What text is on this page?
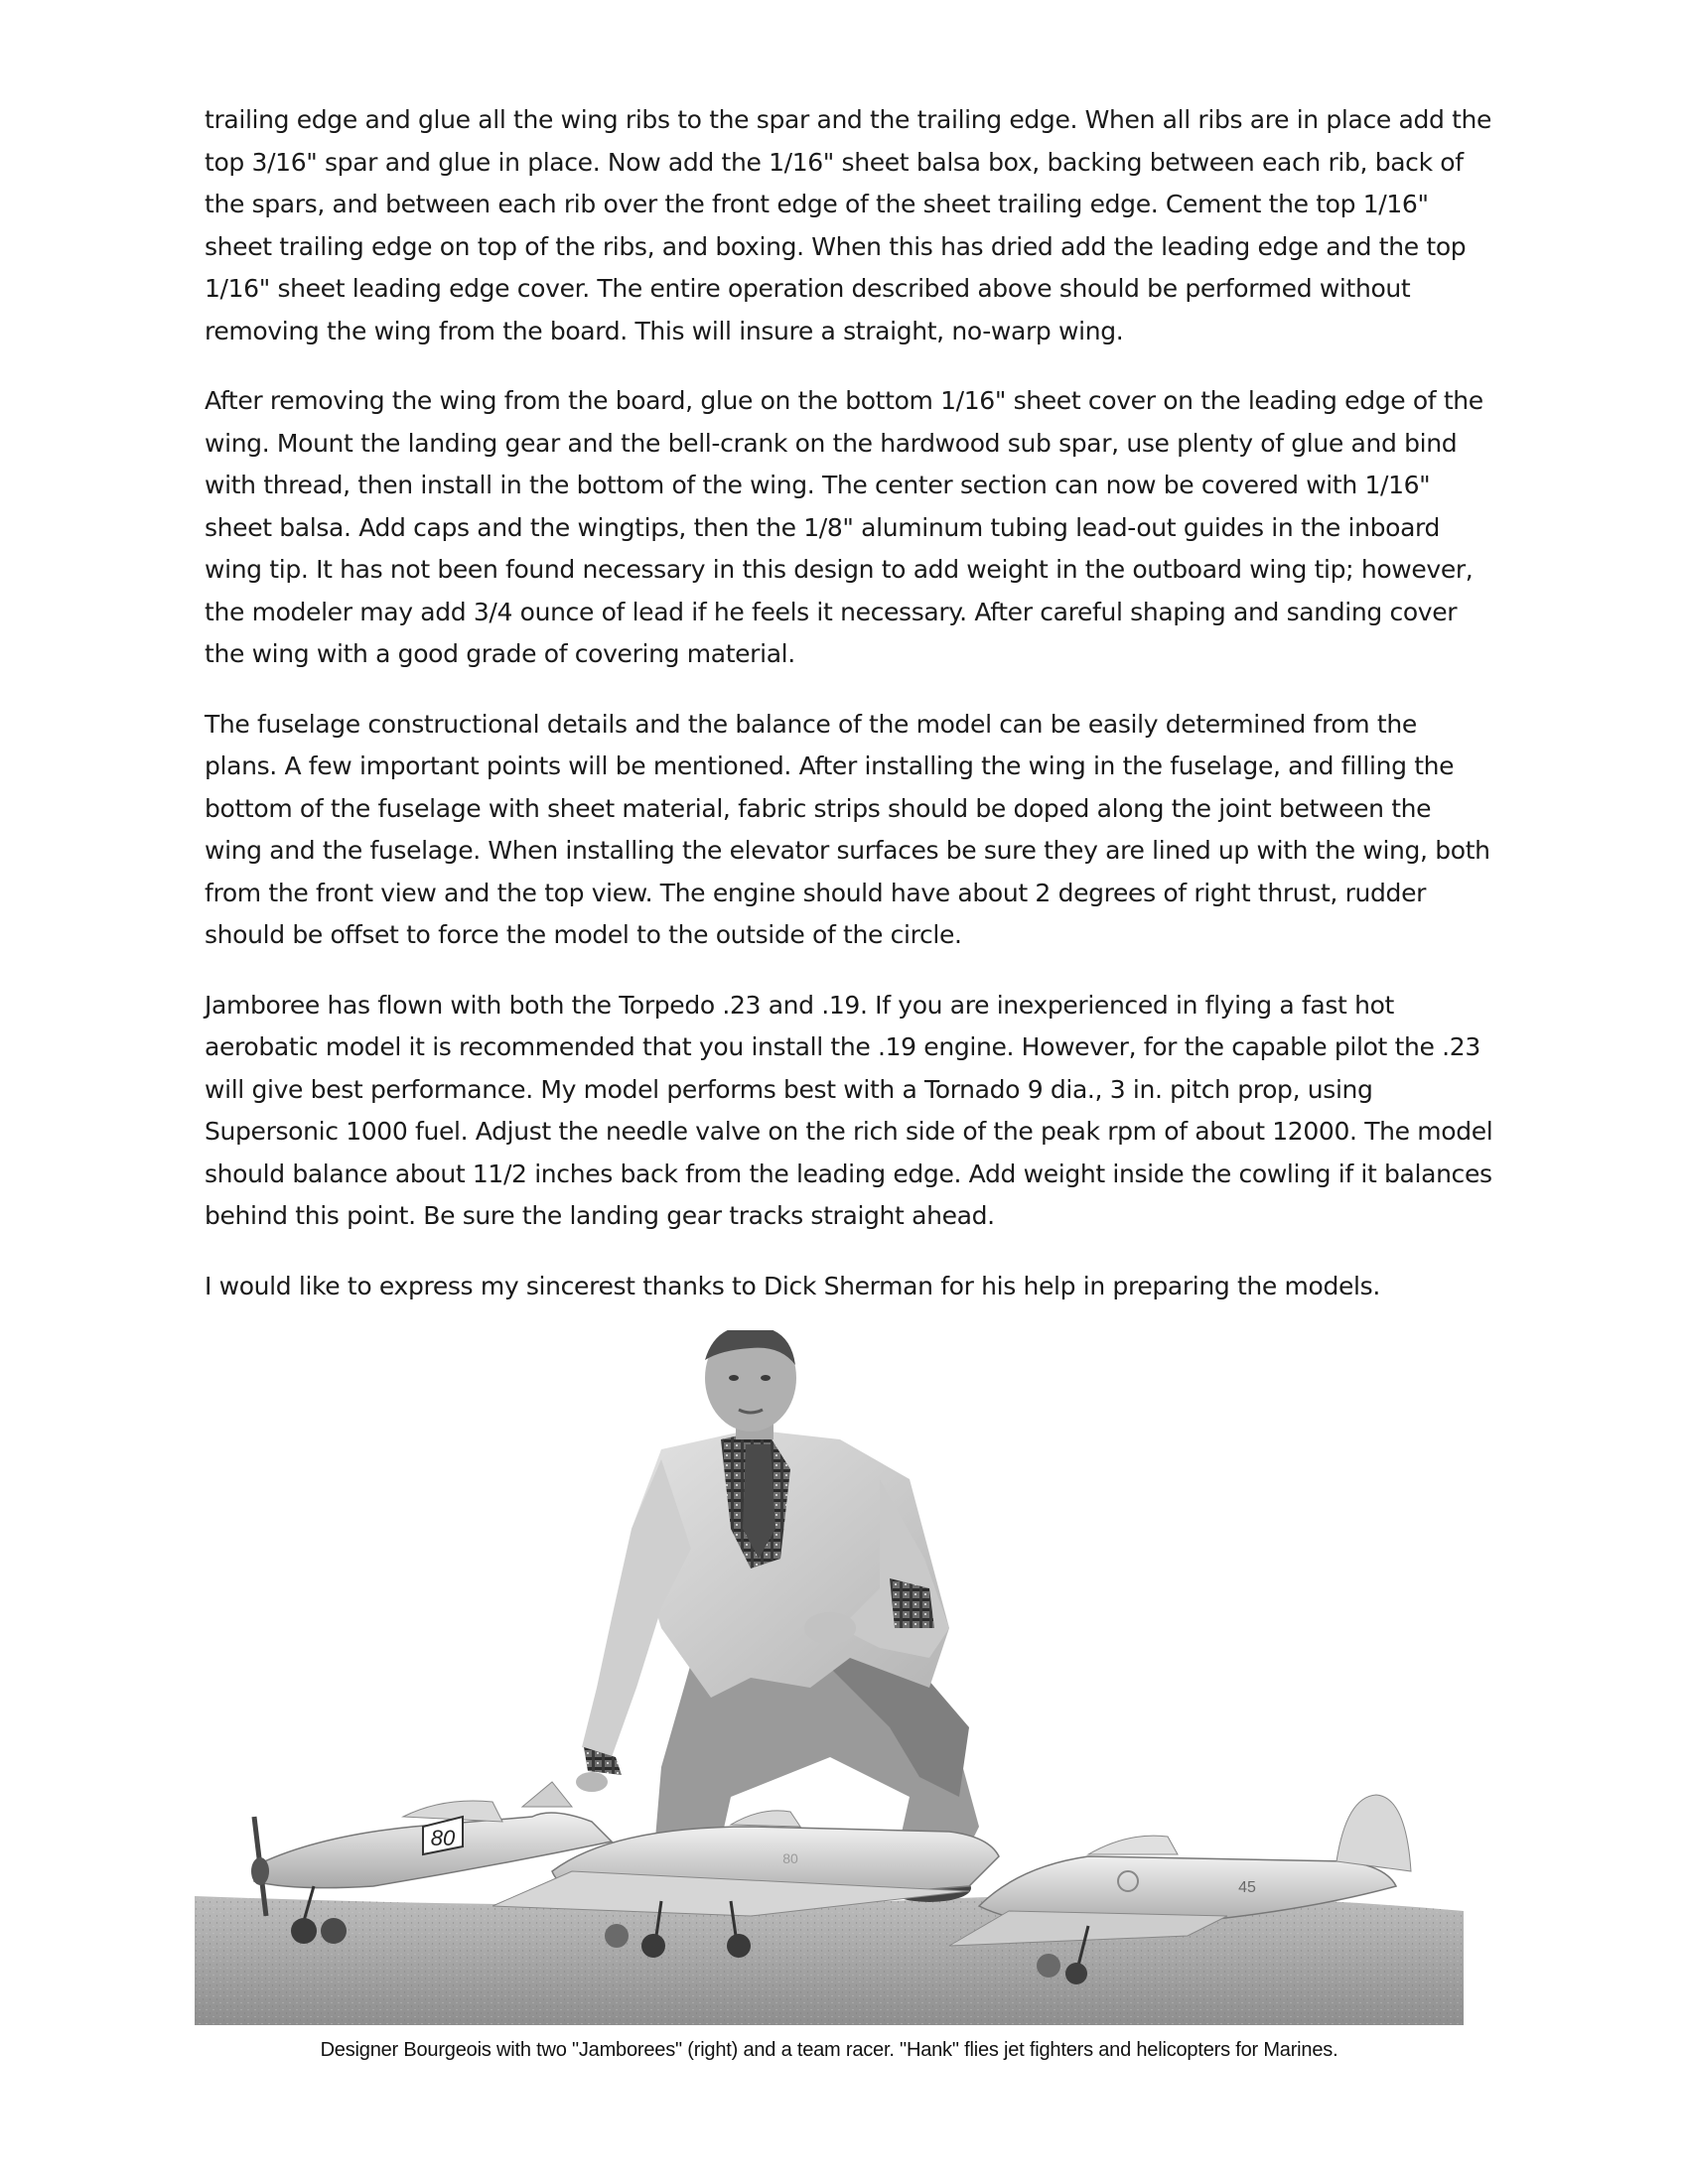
trailing edge and glue all the wing ribs to the spar and the trailing edge. When all ribs are in place add the top 3/16" spar and glue in place. Now add the 1/16" sheet balsa box, backing between each rib, back of the spars, and between each rib over the front edge of the sheet trailing edge. Cement the top 1/16" sheet trailing edge on top of the ribs, and boxing. When this has dried add the leading edge and the top 1/16" sheet leading edge cover. The entire operation described above should be performed without removing the wing from the board. This will insure a straight, no-warp wing.

After removing the wing from the board, glue on the bottom 1/16" sheet cover on the leading edge of the wing. Mount the landing gear and the bell-crank on the hardwood sub spar, use plenty of glue and bind with thread, then install in the bottom of the wing. The center section can now be covered with 1/16" sheet balsa. Add caps and the wingtips, then the 1/8" aluminum tubing lead-out guides in the inboard wing tip. It has not been found necessary in this design to add weight in the outboard wing tip; however, the modeler may add 3/4 ounce of lead if he feels it necessary. After careful shaping and sanding cover the wing with a good grade of covering material.

The fuselage constructional details and the balance of the model can be easily determined from the plans. A few important points will be mentioned. After installing the wing in the fuselage, and filling the bottom of the fuselage with sheet material, fabric strips should be doped along the joint between the wing and the fuselage. When installing the elevator surfaces be sure they are lined up with the wing, both from the front view and the top view. The engine should have about 2 degrees of right thrust, rudder should be offset to force the model to the outside of the circle.

Jamboree has flown with both the Torpedo .23 and .19. If you are inexperienced in flying a fast hot aerobatic model it is recommended that you install the .19 engine. However, for the capable pilot the .23 will give best performance. My model performs best with a Tornado 9 dia., 3 in. pitch prop, using Supersonic 1000 fuel. Adjust the needle valve on the rich side of the peak rpm of about 12000. The model should balance about 11/2 inches back from the leading edge. Add weight inside the cowling if it balances behind this point. Be sure the landing gear tracks straight ahead.

I would like to express my sincerest thanks to Dick Sherman for his help in preparing the models.

80
80
45
Designer Bourgeois with two "Jamborees" (right) and a team racer. "Hank" flies jet fighters and helicopters for Marines.
